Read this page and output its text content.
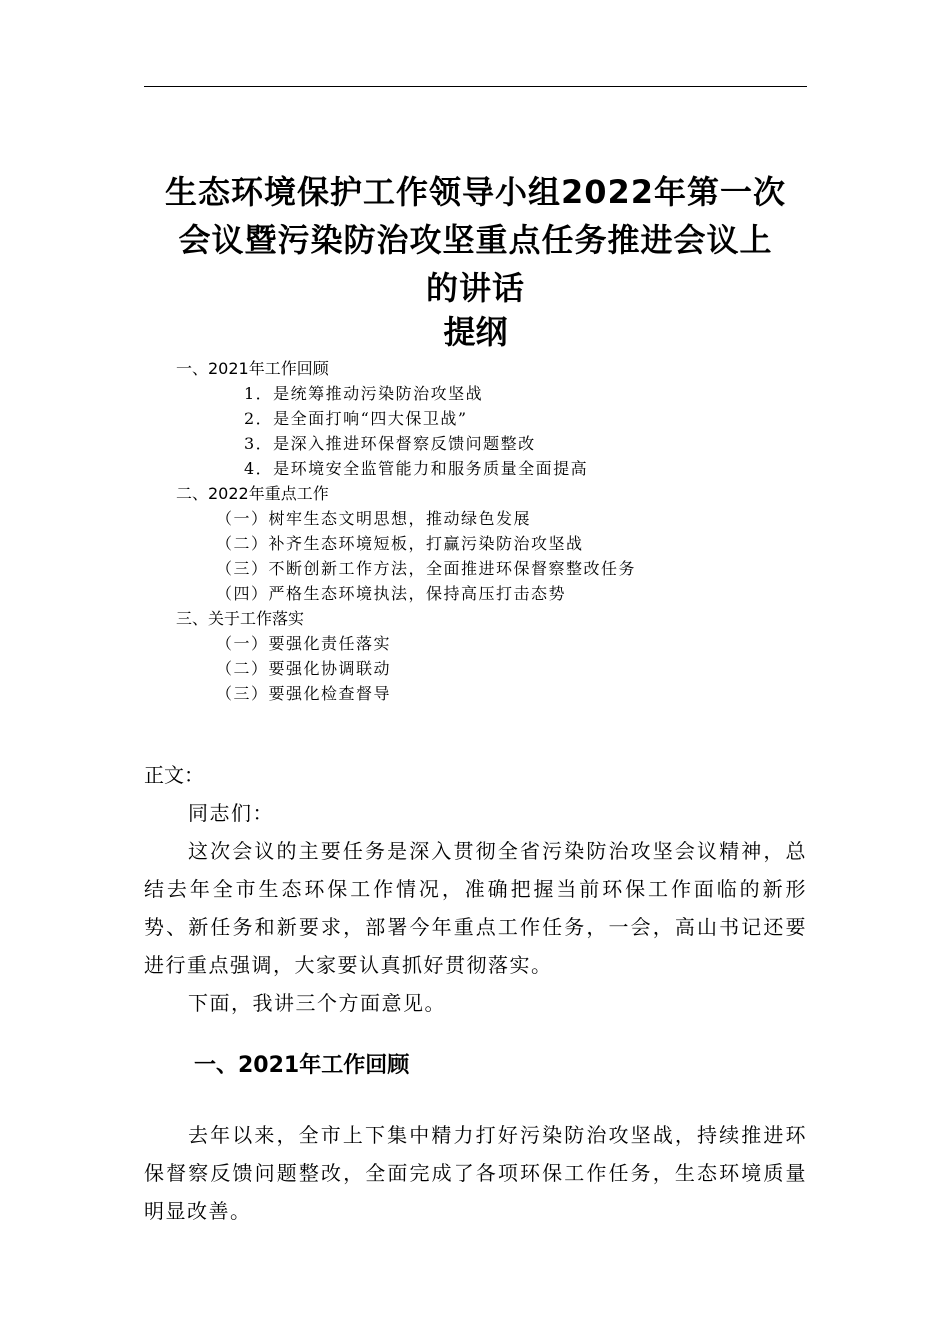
生态环境保护工作领导小组2022年第一次
会议暨污染防治攻坚重点任务推进会议上
的讲话
提纲
一、2021年工作回顾
1．是统筹推动污染防治攻坚战
2．是全面打响“四大保卫战”
3．是深入推进环保督察反馈问题整改
4．是环境安全监管能力和服务质量全面提高
二、2022年重点工作
（一）树牢生态文明思想，推动绿色发展
（二）补齐生态环境短板，打赢污染防治攻坚战
（三）不断创新工作方法，全面推进环保督察整改任务
（四）严格生态环境执法，保持高压打击态势
三、关于工作落实
（一）要强化责任落实
（二）要强化协调联动
（三）要强化检查督导
正文：

同志们：

这次会议的主要任务是深入贯彻全省污染防治攻坚会议精神，总结去年全市生态环保工作情况，准确把握当前环保工作面临的新形势、新任务和新要求，部署今年重点工作任务，一会，高山书记还要进行重点强调，大家要认真抓好贯彻落实。

下面，我讲三个方面意见。

一、2021年工作回顾

去年以来，全市上下集中精力打好污染防治攻坚战，持续推进环保督察反馈问题整改，全面完成了各项环保工作任务，生态环境质量明显改善。
